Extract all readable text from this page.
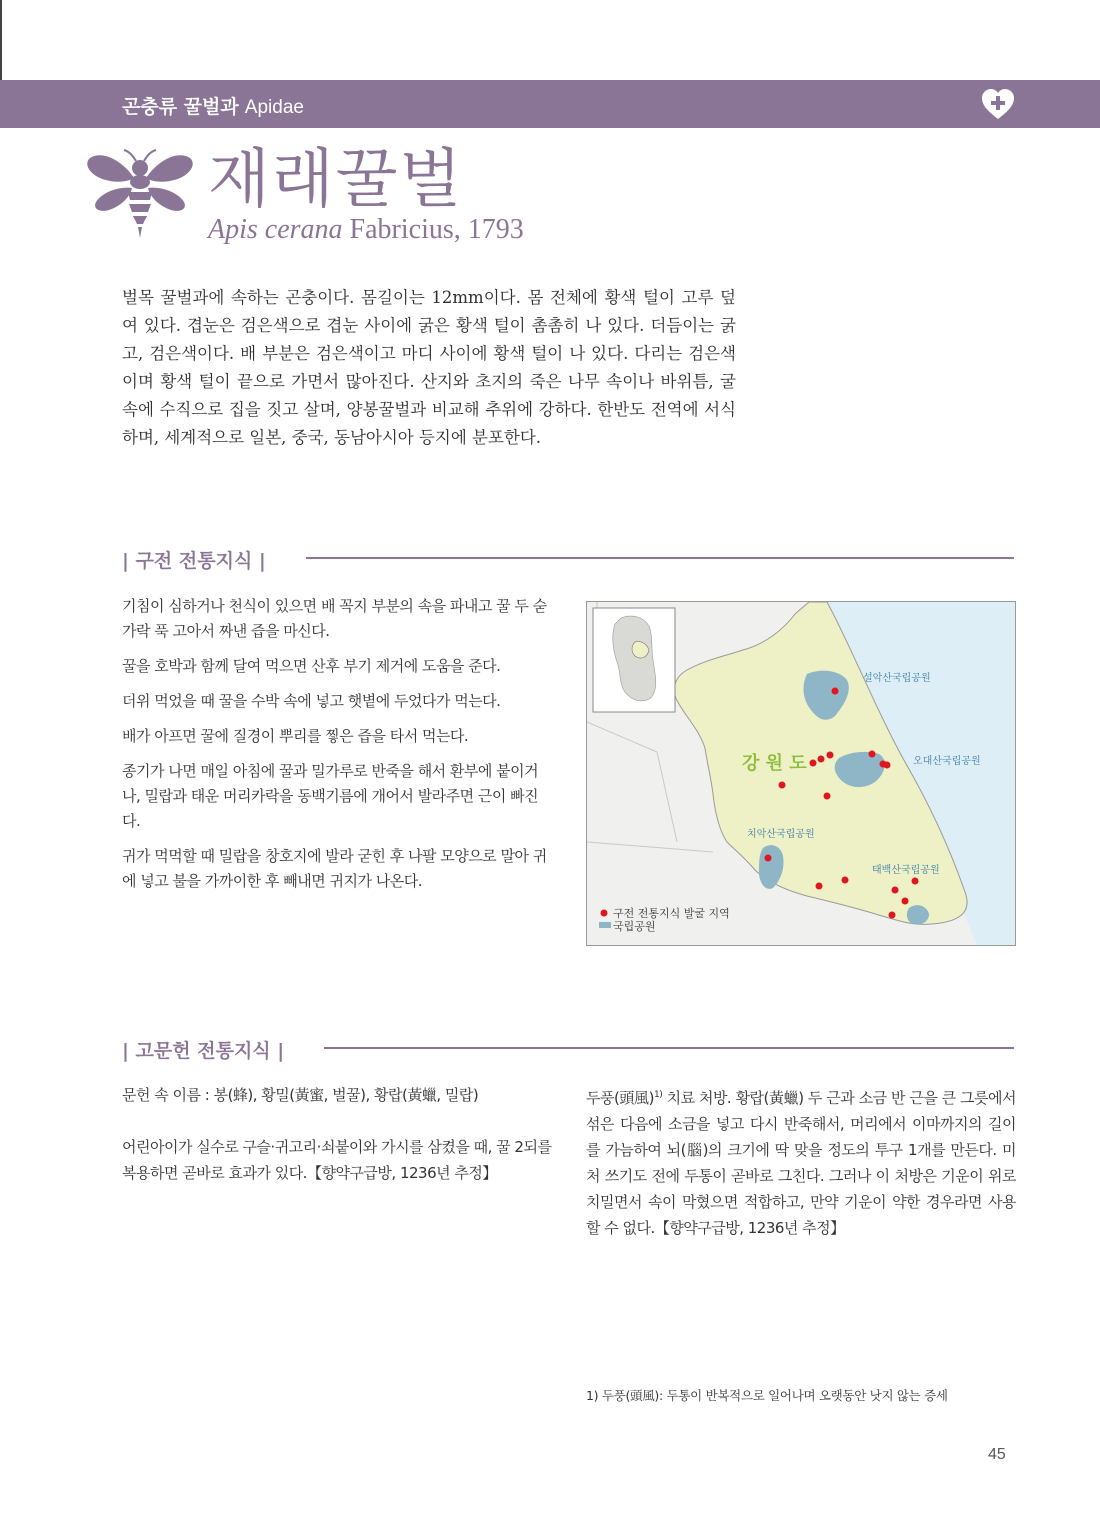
곤충류 꿀벌과 Apidae
재래꿀벌
Apis cerana Fabricius, 1793

벌목 꿀벌과에 속하는 곤충이다. 몸길이는 12mm이다. 몸 전체에 황색 털이 고루 덮여 있다. 겹눈은 검은색으로 겹눈 사이에 굵은 황색 털이 촘촘히 나 있다. 더듬이는 굵고, 검은색이다. 배 부분은 검은색이고 마디 사이에 황색 털이 나 있다. 다리는 검은색이며 황색 털이 끝으로 가면서 많아진다. 산지와 초지의 죽은 나무 속이나 바위틈, 굴속에 수직으로 집을 짓고 살며, 양봉꿀벌과 비교해 추위에 강하다. 한반도 전역에 서식하며, 세계적으로 일본, 중국, 동남아시아 등지에 분포한다.

| 구전 전통지식 |

기침이 심하거나 천식이 있으면 배 꼭지 부분의 속을 파내고 꿀 두 숟가락 푹 고아서 짜낸 즙을 마신다.

꿀을 호박과 함께 달여 먹으면 산후 부기 제거에 도움을 준다.

더위 먹었을 때 꿀을 수박 속에 넣고 햇볕에 두었다가 먹는다.

배가 아프면 꿀에 질경이 뿌리를 찧은 즙을 타서 먹는다.

종기가 나면 매일 아침에 꿀과 밀가루로 반죽을 해서 환부에 붙이거나, 밀랍과 태운 머리카락을 동백기름에 개어서 발라주면 근이 빠진다.

귀가 먹먹할 때 밀랍을 창호지에 발라 굳힌 후 나팔 모양으로 말아 귀에 넣고 불을 가까이한 후 빼내면 귀지가 나온다.

강 원 도
설악산국립공원
오대산국립공원
치악산국립공원
태백산국립공원
구전 전통지식 발굴 지역
국립공원
| 고문헌 전통지식 |

문헌 속 이름 : 봉(蜂), 황밀(黃蜜, 벌꿀), 황랍(黃蠟, 밀랍)

어린아이가 실수로 구슬·귀고리·쇠붙이와 가시를 삼켰을 때, 꿀 2되를 복용하면 곧바로 효과가 있다.【향약구급방, 1236년 추정】

두풍(頭風)$^{1)}$ 치료 처방. 황랍(黃蠟) 두 근과 소금 반 근을 큰 그릇에서 섞은 다음에 소금을 넣고 다시 반죽해서, 머리에서 이마까지의 길이를 가늠하여 뇌(腦)의 크기에 딱 맞을 정도의 투구 1개를 만든다. 미처 쓰기도 전에 두통이 곧바로 그친다. 그러나 이 처방은 기운이 위로 치밀면서 속이 막혔으면 적합하고, 만약 기운이 약한 경우라면 사용할 수 없다.【향약구급방, 1236년 추정】

1) 두풍(頭風): 두통이 반복적으로 일어나며 오랫동안 낫지 않는 증세
45
